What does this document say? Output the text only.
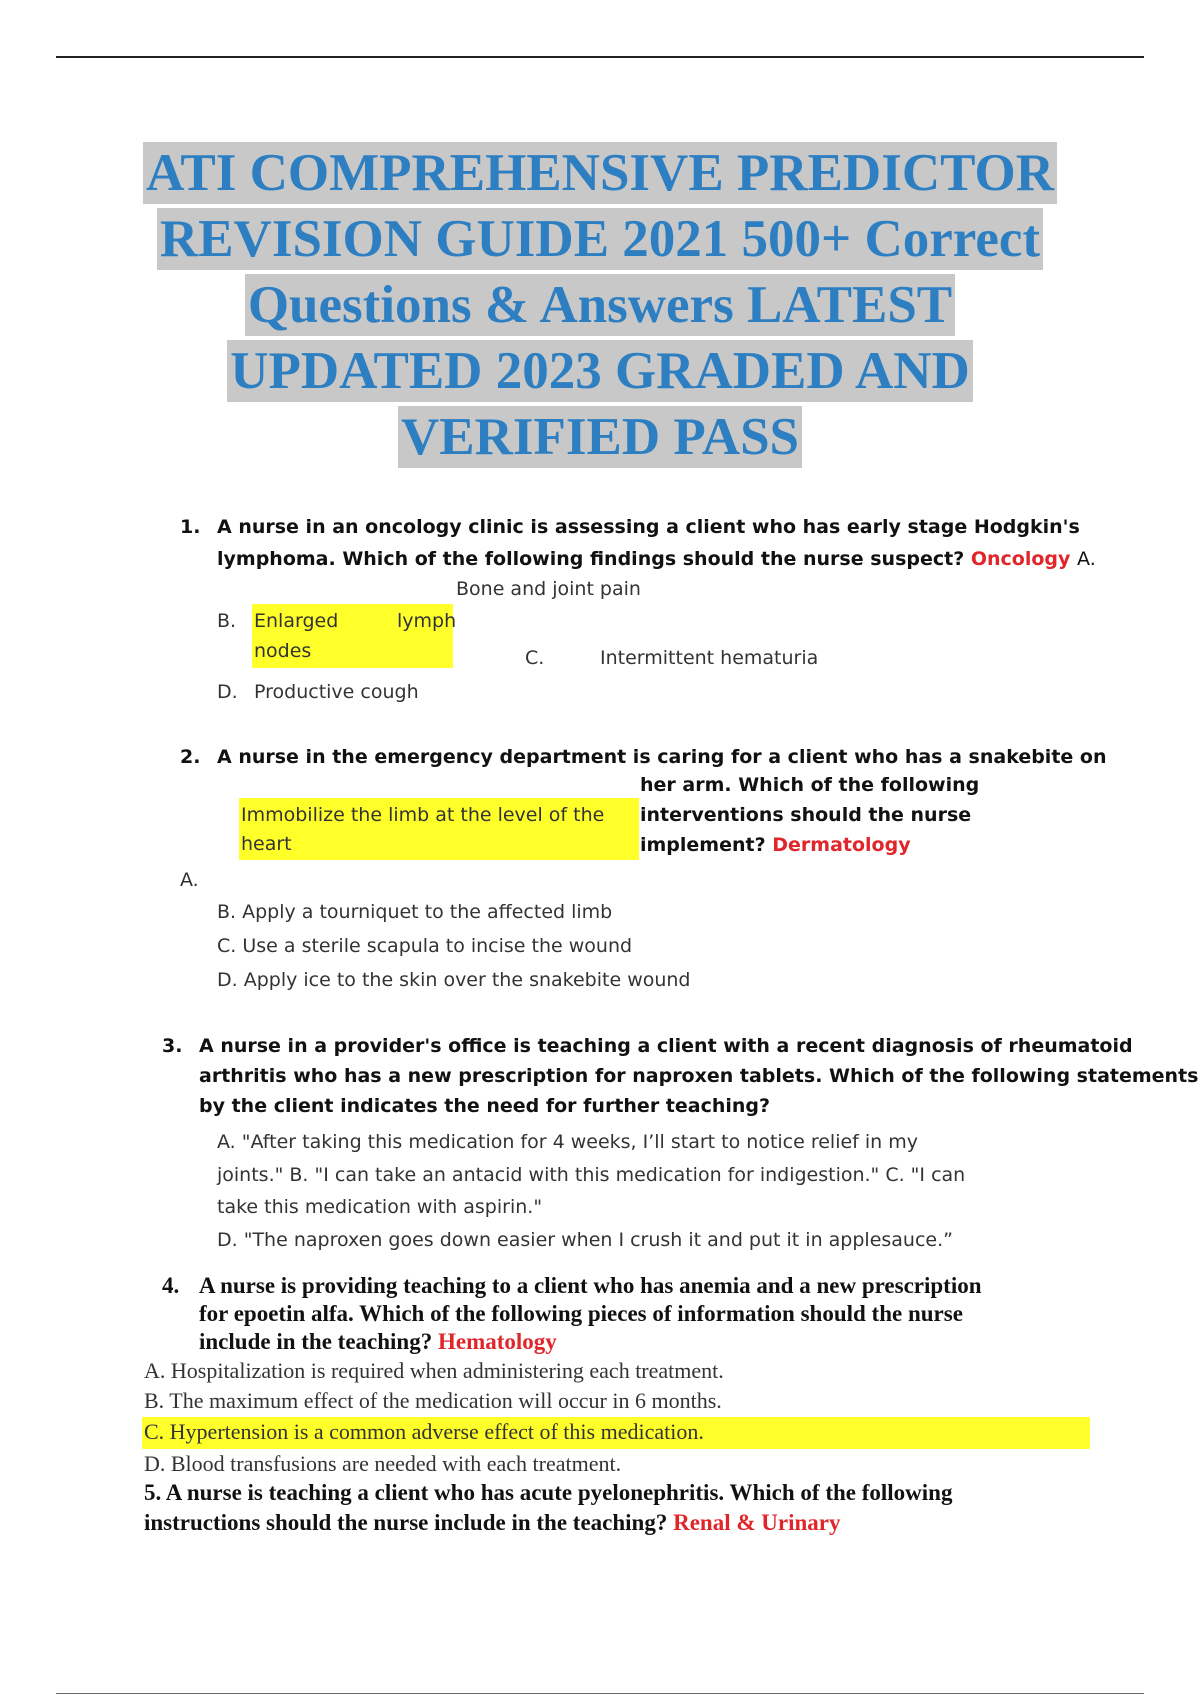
ATI COMPREHENSIVE PREDICTOR
REVISION GUIDE 2021 500+ Correct
Questions & Answers LATEST
UPDATED 2023 GRADED AND
VERIFIED PASS
1. A nurse in an oncology clinic is assessing a client who has early stage Hodgkin's
lymphoma. Which of the following findings should the nurse suspect? Oncology A.
Bone and joint pain
B. Enlarged	lymph
nodes	C.	Intermittent hematuria
D. Productive cough
2. A nurse in the emergency department is caring for a client who has a snakebite on
her arm. Which of the following
interventions should the nurse
implement? Dermatology
Immobilize the limb at the level of the
heart
A.
B. Apply a tourniquet to the affected limb
C. Use a sterile scapula to incise the wound
D. Apply ice to the skin over the snakebite wound
3. A nurse in a provider's office is teaching a client with a recent diagnosis of rheumatoid
arthritis who has a new prescription for naproxen tablets. Which of the following statements
by the client indicates the need for further teaching?
A. "After taking this medication for 4 weeks, I’ll start to notice relief in my
joints." B. "I can take an antacid with this medication for indigestion." C. "I can
take this medication with aspirin."
D. "The naproxen goes down easier when I crush it and put it in applesauce.”
4. A nurse is providing teaching to a client who has anemia and a new prescription
for epoetin alfa. Which of the following pieces of information should the nurse
include in the teaching? Hematology
A. Hospitalization is required when administering each treatment.
B. The maximum effect of the medication will occur in 6 months.
C. Hypertension is a common adverse effect of this medication.
D. Blood transfusions are needed with each treatment.
5. A nurse is teaching a client who has acute pyelonephritis. Which of the following
instructions should the nurse include in the teaching? Renal & Urinary
